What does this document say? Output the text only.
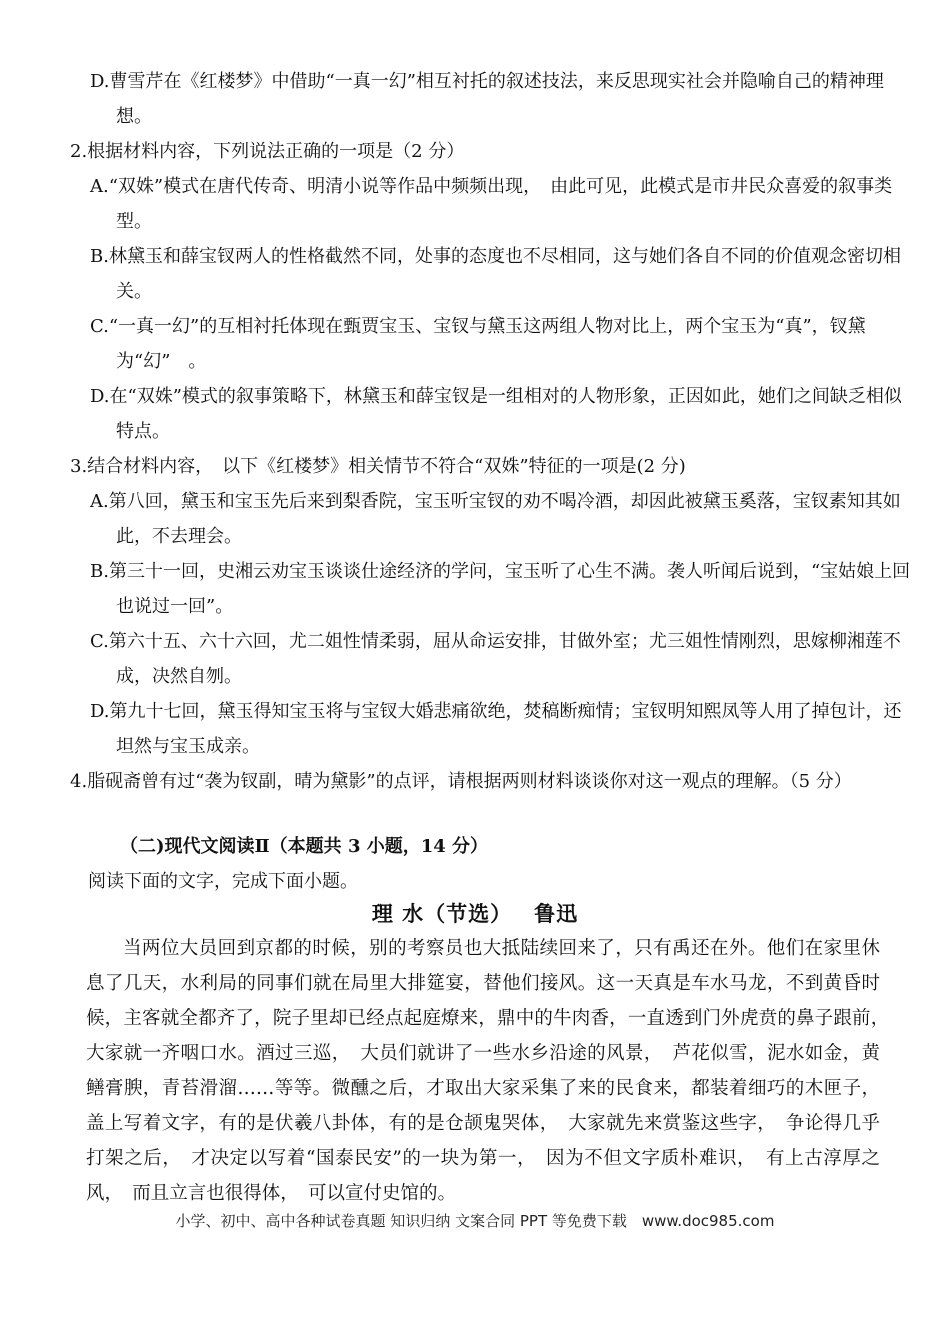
D.曹雪芹在《红楼梦》中借助“一真一幻”相互衬托的叙述技法，来反思现实社会并隐喻自己的精神理想。
2.根据材料内容，下列说法正确的一项是（2 分）
A.“双姝”模式在唐代传奇、明清小说等作品中频频出现，　由此可见，此模式是市井民众喜爱的叙事类型。
B.林黛玉和薛宝钗两人的性格截然不同，处事的态度也不尽相同，这与她们各自不同的价值观念密切相关。
C.“一真一幻”的互相衬托体现在甄贾宝玉、宝钗与黛玉这两组人物对比上，两个宝玉为“真”，钗黛为“幻”　。
D.在“双姝”模式的叙事策略下，林黛玉和薛宝钗是一组相对的人物形象，正因如此，她们之间缺乏相似特点。
3.结合材料内容，　以下《红楼梦》相关情节不符合“双姝”特征的一项是(2 分)
A.第八回，黛玉和宝玉先后来到梨香院，宝玉听宝钗的劝不喝冷酒，却因此被黛玉奚落，宝钗素知其如此，不去理会。
B.第三十一回，史湘云劝宝玉谈谈仕途经济的学问，宝玉听了心生不满。袭人听闻后说到，“宝姑娘上回也说过一回”。
C.第六十五、六十六回，尤二姐性情柔弱，屈从命运安排，甘做外室；尤三姐性情刚烈，思嫁柳湘莲不成，决然自刎。
D.第九十七回，黛玉得知宝玉将与宝钗大婚悲痛欲绝，焚稿断痴情；宝钗明知熙凤等人用了掉包计，还坦然与宝玉成亲。
4.脂砚斋曾有过“袭为钗副，晴为黛影”的点评，请根据两则材料谈谈你对这一观点的理解。（5 分）
（二)现代文阅读Ⅱ（本题共 3 小题，14 分）
阅读下面的文字，完成下面小题。
理 水（节选） 鲁迅
当两位大员回到京都的时候，别的考察员也大抵陆续回来了，只有禹还在外。他们在家里休息了几天，水利局的同事们就在局里大排筵宴，替他们接风。这一天真是车水马龙，不到黄昏时候，主客就全都齐了，院子里却已经点起庭燎来，鼎中的牛肉香，一直透到门外虎贲的鼻子跟前，　大家就一齐咽口水。酒过三巡，　大员们就讲了一些水乡沿途的风景，　芦花似雪，泥水如金，黄鳝膏腴，青苔滑溜……等等。微醺之后，才取出大家采集了来的民食来，都装着细巧的木匣子，盖上写着文字，有的是伏羲八卦体，有的是仓颉鬼哭体，　大家就先来赏鉴这些字，　争论得几乎打架之后，　才决定以写着“国泰民安”的一块为第一，　因为不但文字质朴难识，　有上古淳厚之风，　而且立言也很得体，　可以宣付史馆的。
小学、初中、高中各种试卷真题 知识归纳 文案合同 PPT 等免费下载　www.doc985.com
